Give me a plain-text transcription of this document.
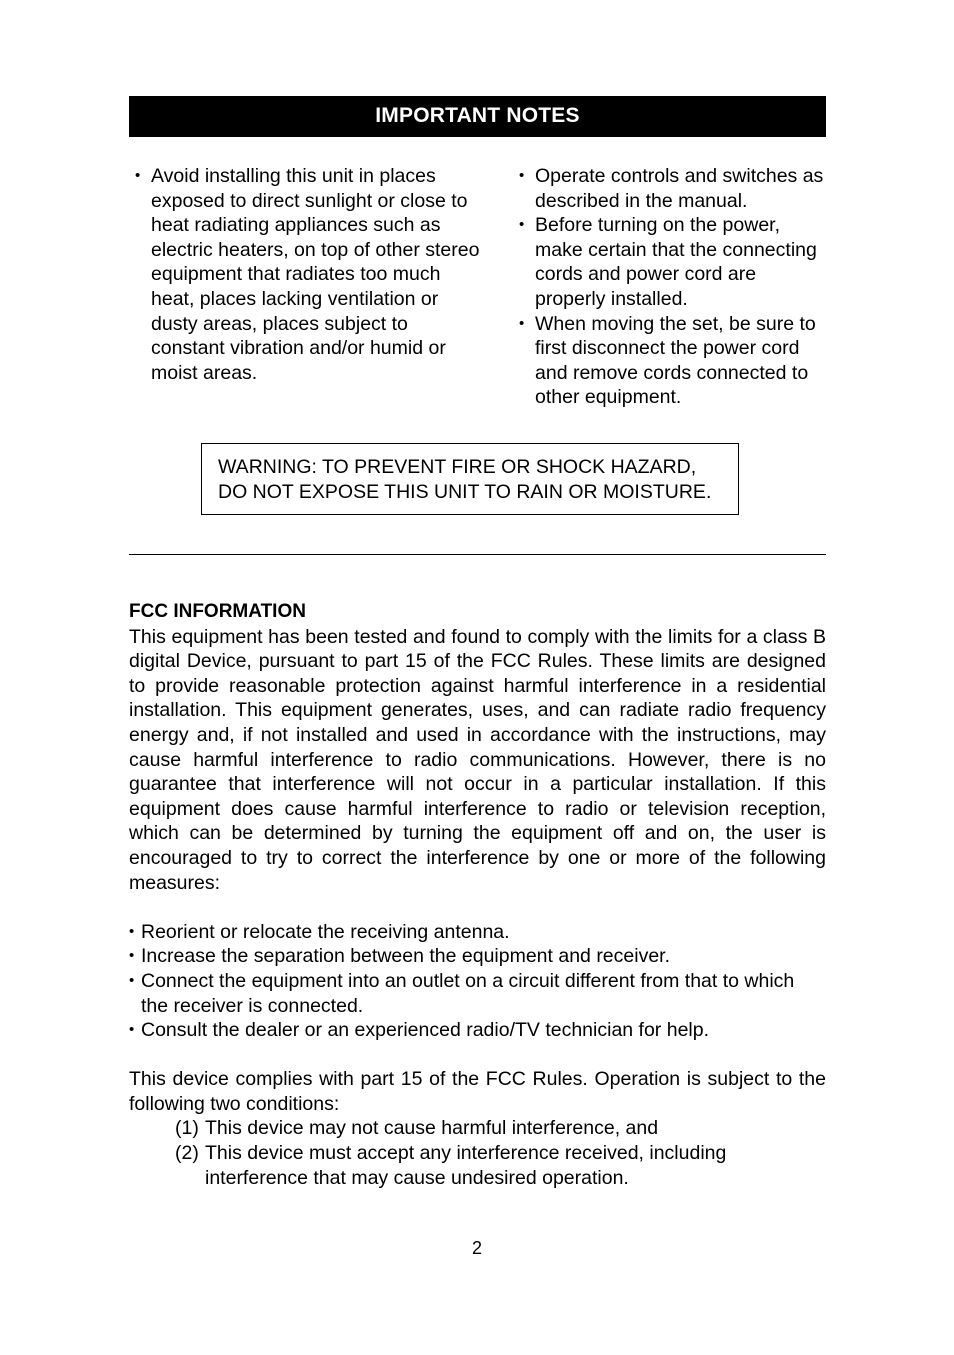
IMPORTANT NOTES
• Avoid installing this unit in places exposed to direct sunlight or close to heat radiating appliances such as electric heaters, on top of other stereo equipment that radiates too much heat, places lacking ventilation or dusty areas, places subject to constant vibration and/or humid or moist areas.
• Operate controls and switches as described in the manual.
• Before turning on the power, make certain that the connecting cords and power cord are properly installed.
• When moving the set, be sure to first disconnect the power cord and remove cords connected to other equipment.
WARNING: TO PREVENT FIRE OR SHOCK HAZARD,
DO NOT EXPOSE THIS UNIT TO RAIN OR MOISTURE.
FCC INFORMATION

This equipment has been tested and found to comply with the limits for a class B digital Device, pursuant to part 15 of the FCC Rules. These limits are designed to provide reasonable protection against harmful interference in a residential installation. This equipment generates, uses, and can radiate radio frequency energy and, if not installed and used in accordance with the instructions, may cause harmful interference to radio communications. However, there is no guarantee that interference will not occur in a particular installation. If this equipment does cause harmful interference to radio or television reception, which can be determined by turning the equipment off and on, the user is encouraged to try to correct the interference by one or more of the following measures:

• Reorient or relocate the receiving antenna.
• Increase the separation between the equipment and receiver.
• Connect the equipment into an outlet on a circuit different from that to which the receiver is connected.
• Consult the dealer or an experienced radio/TV technician for help.

This device complies with part 15 of the FCC Rules. Operation is subject to the following two conditions:

(1) This device may not cause harmful interference, and
(2) This device must accept any interference received, including interference that may cause undesired operation.
2
